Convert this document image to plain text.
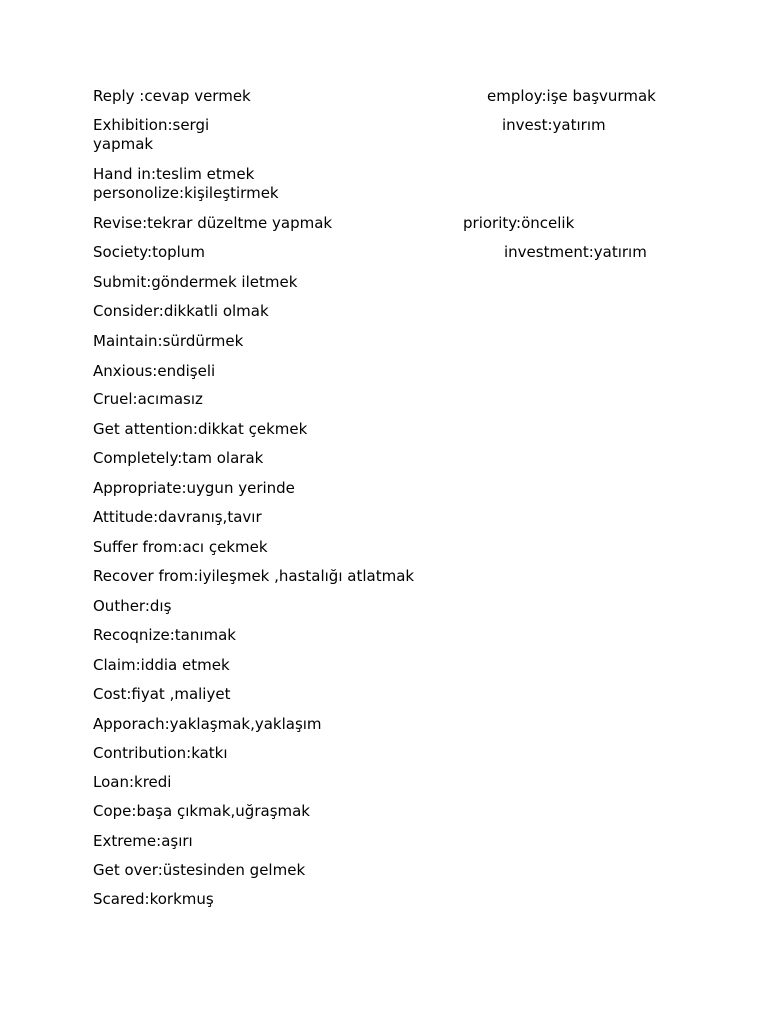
Reply :cevap vermek	employ:işe başvurmak
Exhibition:sergi	invest:yatırım
yapmak
Hand in:teslim etmek
personolize:kişileştirmek
Revise:tekrar düzeltme yapmak	priority:öncelik
Society:toplum	investment:yatırım
Submit:göndermek iletmek
Consider:dikkatli olmak
Maintain:sürdürmek
Anxious:endişeli
Cruel:acımasız
Get attention:dikkat çekmek
Completely:tam olarak
Appropriate:uygun yerinde
Attitude:davranış,tavır
Suffer from:acı çekmek
Recover from:iyileşmek ,hastalığı atlatmak
Outher:dış
Recoqnize:tanımak
Claim:iddia etmek
Cost:fiyat ,maliyet
Apporach:yaklaşmak,yaklaşım
Contribution:katkı
Loan:kredi
Cope:başa çıkmak,uğraşmak
Extreme:aşırı
Get over:üstesinden gelmek
Scared:korkmuş
